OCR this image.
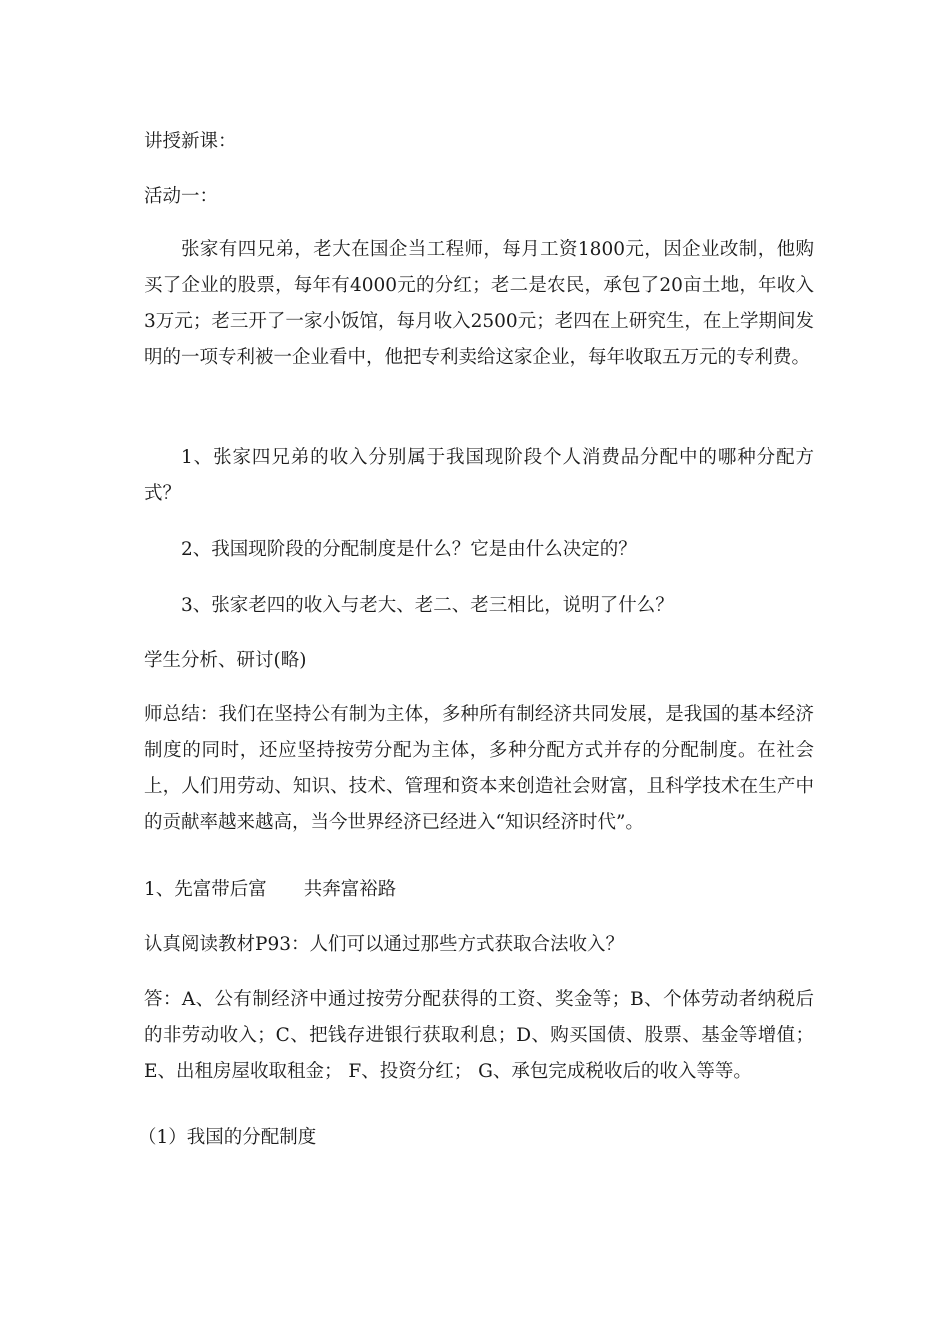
讲授新课：

活动一：

张家有四兄弟，老大在国企当工程师，每月工资1800元，因企业改制，他购买了企业的股票，每年有4000元的分红；老二是农民，承包了20亩土地，年收入3万元；老三开了一家小饭馆，每月收入2500元；老四在上研究生，在上学期间发明的一项专利被一企业看中，他把专利卖给这家企业，每年收取五万元的专利费。

1、张家四兄弟的收入分别属于我国现阶段个人消费品分配中的哪种分配方式？

2、我国现阶段的分配制度是什么？它是由什么决定的？

3、张家老四的收入与老大、老二、老三相比，说明了什么？

学生分析、研讨(略)

师总结：我们在坚持公有制为主体，多种所有制经济共同发展，是我国的基本经济制度的同时，还应坚持按劳分配为主体，多种分配方式并存的分配制度。在社会上，人们用劳动、知识、技术、管理和资本来创造社会财富，且科学技术在生产中的贡献率越来越高，当今世界经济已经进入“知识经济时代”。

1、先富带后富　　共奔富裕路

认真阅读教材P93：人们可以通过那些方式获取合法收入？

答：A、公有制经济中通过按劳分配获得的工资、奖金等；B、个体劳动者纳税后的非劳动收入；C、把钱存进银行获取利息；D、购买国债、股票、基金等增值；E、出租房屋收取租金； F、投资分红； G、承包完成税收后的收入等等。

（1）我国的分配制度
